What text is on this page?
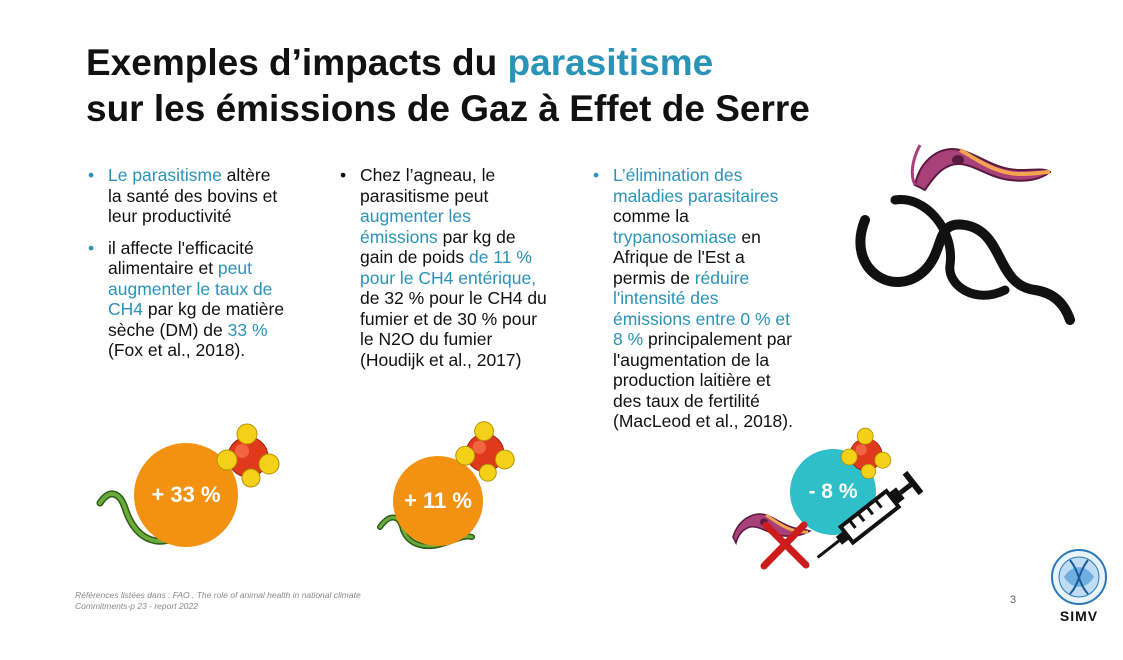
Exemples d’impacts du parasitisme
sur les émissions de Gaz à Effet de Serre
• Le parasitisme altère la santé des bovins et leur productivité
• il affecte l'efficacité alimentaire et peut augmenter le taux de CH4 par kg de matière sèche (DM) de 33 % (Fox et al., 2018).
• Chez l’agneau, le parasitisme peut augmenter les émissions par kg de gain de poids de 11 % pour le CH4 entérique, de 32 % pour le CH4 du fumier et de 30 % pour le N2O du fumier (Houdijk et al., 2017)
• L’élimination des maladies parasitaires comme la trypanosomiase en Afrique de l'Est a permis de réduire l'intensité des émissions entre 0 % et 8 % principalement par l'augmentation de la production laitière et des taux de fertilité (MacLeod et al., 2018).
+ 33 %	+ 11 %	- 8 %
Références listées dans : FAO , The role of animal health in national climate
Commitments-p 23 - report 2022	3
SIMV
